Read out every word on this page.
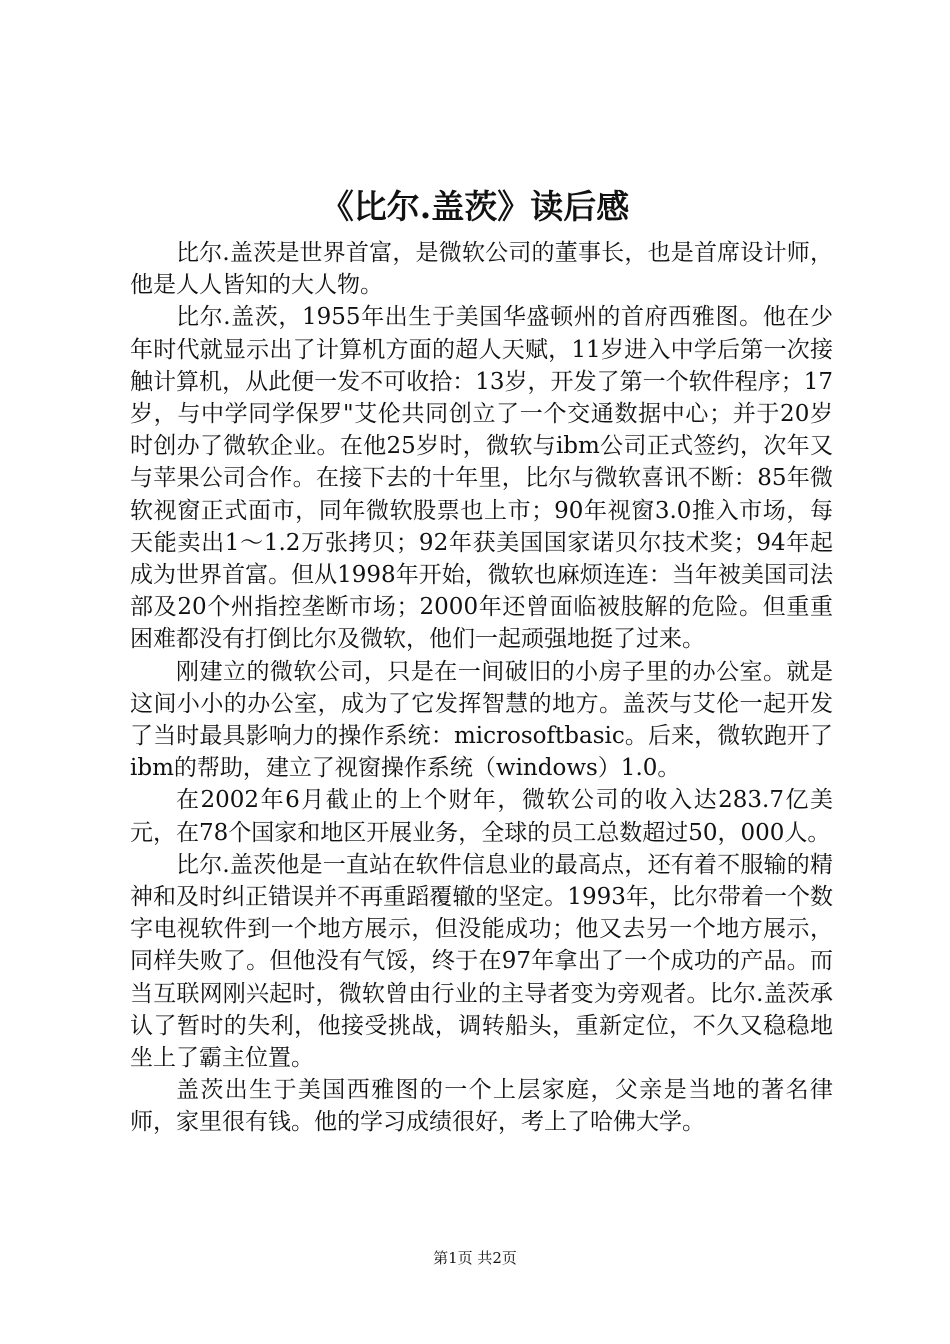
《比尔.盖茨》读后感

比尔.盖茨是世界首富，是微软公司的董事长，也是首席设计师，他是人人皆知的大人物。

比尔.盖茨，1955年出生于美国华盛顿州的首府西雅图。他在少年时代就显示出了计算机方面的超人天赋，11岁进入中学后第一次接触计算机，从此便一发不可收拾：13岁，开发了第一个软件程序；17岁，与中学同学保罗"艾伦共同创立了一个交通数据中心；并于20岁时创办了微软企业。在他25岁时，微软与ibm公司正式签约，次年又与苹果公司合作。在接下去的十年里，比尔与微软喜讯不断：85年微软视窗正式面市，同年微软股票也上市；90年视窗3.0推入市场，每天能卖出1～1.2万张拷贝；92年获美国国家诺贝尔技术奖；94年起成为世界首富。但从1998年开始，微软也麻烦连连：当年被美国司法部及20个州指控垄断市场；2000年还曾面临被肢解的危险。但重重困难都没有打倒比尔及微软，他们一起顽强地挺了过来。

刚建立的微软公司，只是在一间破旧的小房子里的办公室。就是这间小小的办公室，成为了它发挥智慧的地方。盖茨与艾伦一起开发了当时最具影响力的操作系统：microsoftbasic。后来，微软跑开了ibm的帮助，建立了视窗操作系统（windows）1.0。

在2002年6月截止的上个财年，微软公司的收入达283.7亿美元，在78个国家和地区开展业务，全球的员工总数超过50，000人。

比尔.盖茨他是一直站在软件信息业的最高点，还有着不服输的精神和及时纠正错误并不再重蹈覆辙的坚定。1993年，比尔带着一个数字电视软件到一个地方展示，但没能成功；他又去另一个地方展示，同样失败了。但他没有气馁，终于在97年拿出了一个成功的产品。而当互联网刚兴起时，微软曾由行业的主导者变为旁观者。比尔.盖茨承认了暂时的失利，他接受挑战，调转船头，重新定位，不久又稳稳地坐上了霸主位置。

盖茨出生于美国西雅图的一个上层家庭，父亲是当地的著名律师，家里很有钱。他的学习成绩很好，考上了哈佛大学。

第1页 共2页
